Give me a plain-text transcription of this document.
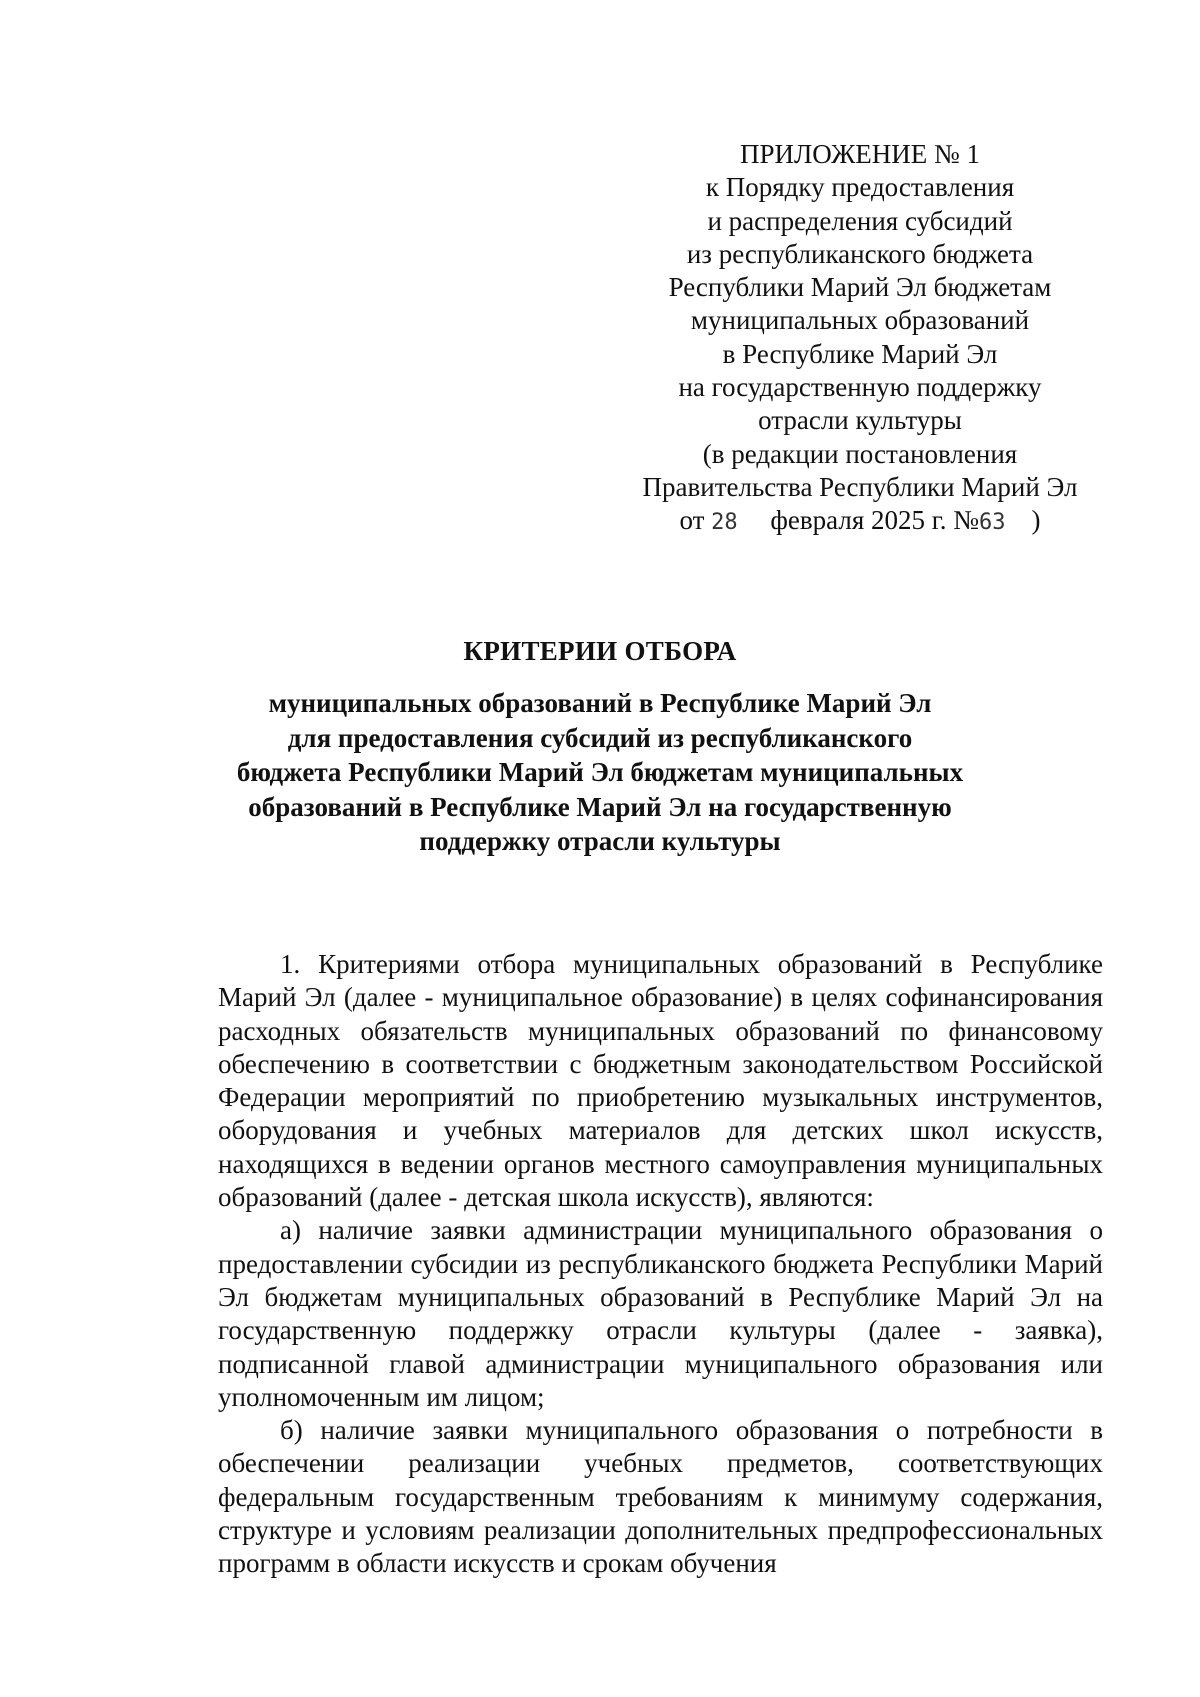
ПРИЛОЖЕНИЕ № 1
к Порядку предоставления
и распределения субсидий
из республиканского бюджета
Республики Марий Эл бюджетам
муниципальных образований
в Республике Марий Эл
на государственную поддержку
отрасли культуры
(в редакции постановления
Правительства Республики Марий Эл
от 28 февраля 2025 г. №63 )
КРИТЕРИИ ОТБОРА
муниципальных образований в Республике Марий Эл
для предоставления субсидий из республиканского
бюджета Республики Марий Эл бюджетам муниципальных
образований в Республике Марий Эл на государственную
поддержку отрасли культуры

1. Критериями отбора муниципальных образований в Республике Марий Эл (далее - муниципальное образование) в целях софинансирования расходных обязательств муниципальных образований по финансовому обеспечению в соответствии с бюджетным законодательством Российской Федерации мероприятий по приобретению музыкальных инструментов, оборудования и учебных материалов для детских школ искусств, находящихся в ведении органов местного самоуправления муниципальных образований (далее - детская школа искусств), являются:

а) наличие заявки администрации муниципального образования о предоставлении субсидии из республиканского бюджета Республики Марий Эл бюджетам муниципальных образований в Республике Марий Эл на государственную поддержку отрасли культуры (далее - заявка), подписанной главой администрации муниципального образования или уполномоченным им лицом;

б) наличие заявки муниципального образования о потребности в обеспечении реализации учебных предметов, соответствующих федеральным государственным требованиям к минимуму содержания, структуре и условиям реализации дополнительных предпрофессиональных программ в области искусств и срокам обучения
